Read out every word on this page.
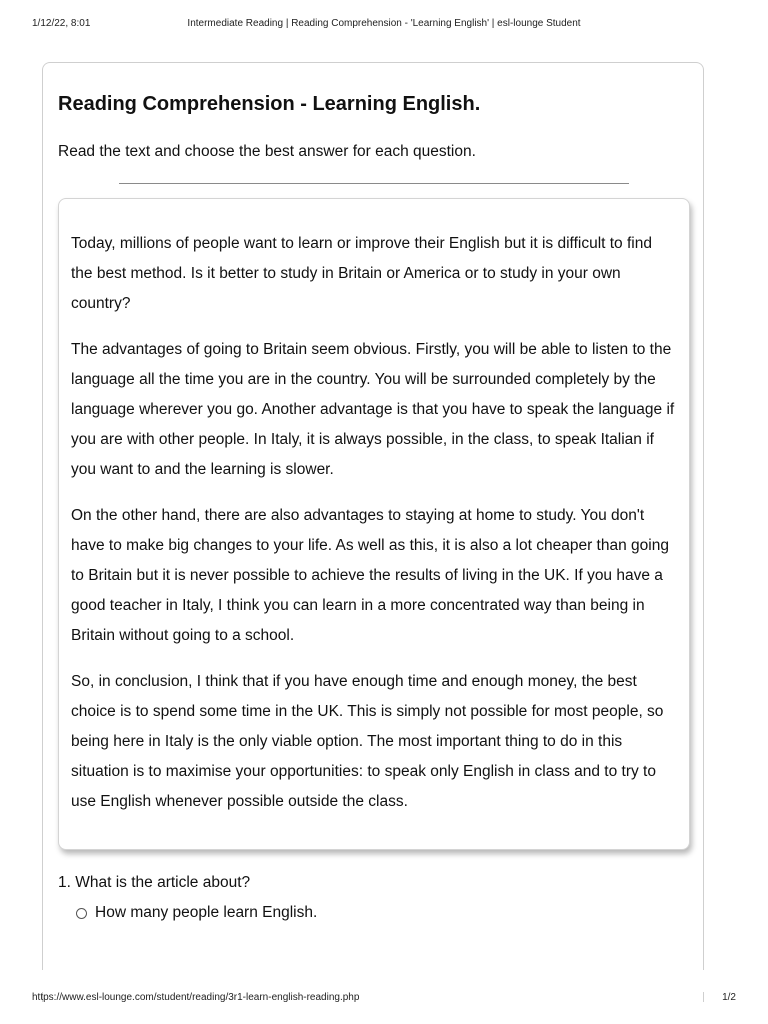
1/12/22, 8:01	Intermediate Reading | Reading Comprehension - 'Learning English' | esl-lounge Student
Reading Comprehension - Learning English.

Read the text and choose the best answer for each question.

Today, millions of people want to learn or improve their English but it is difficult to find the best method. Is it better to study in Britain or America or to study in your own country?

The advantages of going to Britain seem obvious. Firstly, you will be able to listen to the language all the time you are in the country. You will be surrounded completely by the language wherever you go. Another advantage is that you have to speak the language if you are with other people. In Italy, it is always possible, in the class, to speak Italian if you want to and the learning is slower.

On the other hand, there are also advantages to staying at home to study. You don't have to make big changes to your life. As well as this, it is also a lot cheaper than going to Britain but it is never possible to achieve the results of living in the UK. If you have a good teacher in Italy, I think you can learn in a more concentrated way than being in Britain without going to a school.

So, in conclusion, I think that if you have enough time and enough money, the best choice is to spend some time in the UK. This is simply not possible for most people, so being here in Italy is the only viable option. The most important thing to do in this situation is to maximise your opportunities: to speak only English in class and to try to use English whenever possible outside the class.

1. What is the article about?
How many people learn English.
https://www.esl-lounge.com/student/reading/3r1-learn-english-reading.php	1/2
